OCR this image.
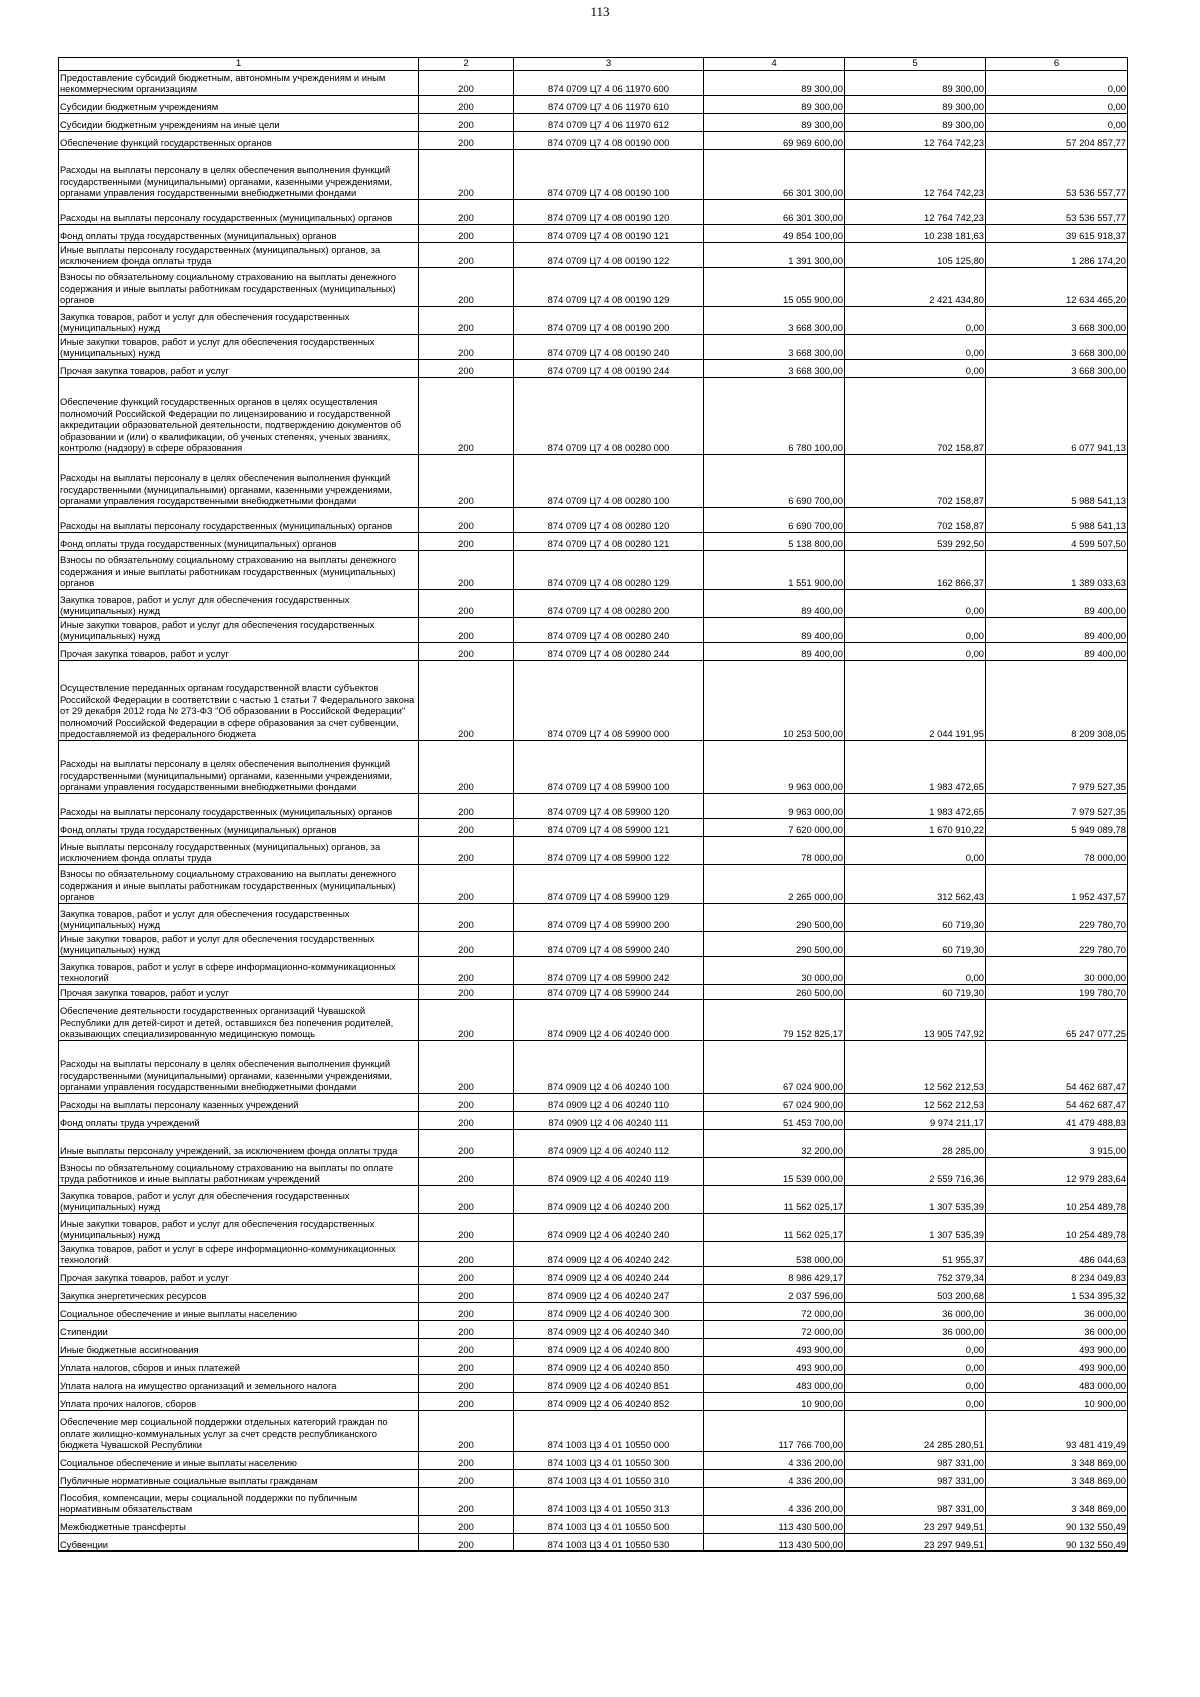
113
1	2	3	4	5	6
Предоставление субсидий бюджетным, автономным учреждениям и иным некоммерческим организациям	200	874 0709 Ц7 4 06 11970 600	89 300,00	89 300,00	0,00
Субсидии бюджетным учреждениям	200	874 0709 Ц7 4 06 11970 610	89 300,00	89 300,00	0,00
Субсидии бюджетным учреждениям на иные цели	200	874 0709 Ц7 4 06 11970 612	89 300,00	89 300,00	0,00
Обеспечение функций государственных органов	200	874 0709 Ц7 4 08 00190 000	69 969 600,00	12 764 742,23	57 204 857,77
Расходы на выплаты персоналу в целях обеспечения выполнения функций государственными (муниципальными) органами, казенными учреждениями, органами управления государственными внебюджетными фондами	200	874 0709 Ц7 4 08 00190 100	66 301 300,00	12 764 742,23	53 536 557,77
Расходы на выплаты персоналу государственных (муниципальных) органов	200	874 0709 Ц7 4 08 00190 120	66 301 300,00	12 764 742,23	53 536 557,77
Фонд оплаты труда государственных (муниципальных) органов	200	874 0709 Ц7 4 08 00190 121	49 854 100,00	10 238 181,63	39 615 918,37
Иные выплаты персоналу государственных (муниципальных) органов, за исключением фонда оплаты труда	200	874 0709 Ц7 4 08 00190 122	1 391 300,00	105 125,80	1 286 174,20
Взносы по обязательному социальному страхованию на выплаты денежного содержания и иные выплаты работникам государственных (муниципальных) органов	200	874 0709 Ц7 4 08 00190 129	15 055 900,00	2 421 434,80	12 634 465,20
Закупка товаров, работ и услуг для обеспечения государственных (муниципальных) нужд	200	874 0709 Ц7 4 08 00190 200	3 668 300,00	0,00	3 668 300,00
Иные закупки товаров, работ и услуг для обеспечения государственных (муниципальных) нужд	200	874 0709 Ц7 4 08 00190 240	3 668 300,00	0,00	3 668 300,00
Прочая закупка товаров, работ и услуг	200	874 0709 Ц7 4 08 00190 244	3 668 300,00	0,00	3 668 300,00
Обеспечение функций государственных органов в целях осуществления полномочий Российской Федерации по лицензированию и государственной аккредитации образовательной деятельности, подтверждению документов об образовании и (или) о квалификации, об ученых степенях, ученых званиях, контролю (надзору) в сфере образования	200	874 0709 Ц7 4 08 00280 000	6 780 100,00	702 158,87	6 077 941,13
Расходы на выплаты персоналу в целях обеспечения выполнения функций государственными (муниципальными) органами, казенными учреждениями, органами управления государственными внебюджетными фондами	200	874 0709 Ц7 4 08 00280 100	6 690 700,00	702 158,87	5 988 541,13
Расходы на выплаты персоналу государственных (муниципальных) органов	200	874 0709 Ц7 4 08 00280 120	6 690 700,00	702 158,87	5 988 541,13
Фонд оплаты труда государственных (муниципальных) органов	200	874 0709 Ц7 4 08 00280 121	5 138 800,00	539 292,50	4 599 507,50
Взносы по обязательному социальному страхованию на выплаты денежного содержания и иные выплаты работникам государственных (муниципальных) органов	200	874 0709 Ц7 4 08 00280 129	1 551 900,00	162 866,37	1 389 033,63
Закупка товаров, работ и услуг для обеспечения государственных (муниципальных) нужд	200	874 0709 Ц7 4 08 00280 200	89 400,00	0,00	89 400,00
Иные закупки товаров, работ и услуг для обеспечения государственных (муниципальных) нужд	200	874 0709 Ц7 4 08 00280 240	89 400,00	0,00	89 400,00
Прочая закупка товаров, работ и услуг	200	874 0709 Ц7 4 08 00280 244	89 400,00	0,00	89 400,00
Осуществление переданных органам государственной власти субъектов Российской Федерации в соответствии с частью 1 статьи 7 Федерального закона от 29 декабря 2012 года № 273-ФЗ "Об образовании в Российской Федерации" полномочий Российской Федерации в сфере образования за счет субвенции, предоставляемой из федерального бюджета	200	874 0709 Ц7 4 08 59900 000	10 253 500,00	2 044 191,95	8 209 308,05
Расходы на выплаты персоналу в целях обеспечения выполнения функций государственными (муниципальными) органами, казенными учреждениями, органами управления государственными внебюджетными фондами	200	874 0709 Ц7 4 08 59900 100	9 963 000,00	1 983 472,65	7 979 527,35
Расходы на выплаты персоналу государственных (муниципальных) органов	200	874 0709 Ц7 4 08 59900 120	9 963 000,00	1 983 472,65	7 979 527,35
Фонд оплаты труда государственных (муниципальных) органов	200	874 0709 Ц7 4 08 59900 121	7 620 000,00	1 670 910,22	5 949 089,78
Иные выплаты персоналу государственных (муниципальных) органов, за исключением фонда оплаты труда	200	874 0709 Ц7 4 08 59900 122	78 000,00	0,00	78 000,00
Взносы по обязательному социальному страхованию на выплаты денежного содержания и иные выплаты работникам государственных (муниципальных) органов	200	874 0709 Ц7 4 08 59900 129	2 265 000,00	312 562,43	1 952 437,57
Закупка товаров, работ и услуг для обеспечения государственных (муниципальных) нужд	200	874 0709 Ц7 4 08 59900 200	290 500,00	60 719,30	229 780,70
Иные закупки товаров, работ и услуг для обеспечения государственных (муниципальных) нужд	200	874 0709 Ц7 4 08 59900 240	290 500,00	60 719,30	229 780,70
Закупка товаров, работ и услуг в сфере информационно-коммуникационных технологий	200	874 0709 Ц7 4 08 59900 242	30 000,00	0,00	30 000,00
Прочая закупка товаров, работ и услуг	200	874 0709 Ц7 4 08 59900 244	260 500,00	60 719,30	199 780,70
Обеспечение деятельности государственных организаций Чувашской Республики для детей-сирот и детей, оставшихся без попечения родителей, оказывающих специализированную медицинскую помощь	200	874 0909 Ц2 4 06 40240 000	79 152 825,17	13 905 747,92	65 247 077,25
Расходы на выплаты персоналу в целях обеспечения выполнения функций государственными (муниципальными) органами, казенными учреждениями, органами управления государственными внебюджетными фондами	200	874 0909 Ц2 4 06 40240 100	67 024 900,00	12 562 212,53	54 462 687,47
Расходы на выплаты персоналу казенных учреждений	200	874 0909 Ц2 4 06 40240 110	67 024 900,00	12 562 212,53	54 462 687,47
Фонд оплаты труда учреждений	200	874 0909 Ц2 4 06 40240 111	51 453 700,00	9 974 211,17	41 479 488,83
Иные выплаты персоналу учреждений, за исключением фонда оплаты труда	200	874 0909 Ц2 4 06 40240 112	32 200,00	28 285,00	3 915,00
Взносы по обязательному социальному страхованию на выплаты по оплате труда работников и иные выплаты работникам учреждений	200	874 0909 Ц2 4 06 40240 119	15 539 000,00	2 559 716,36	12 979 283,64
Закупка товаров, работ и услуг для обеспечения государственных (муниципальных) нужд	200	874 0909 Ц2 4 06 40240 200	11 562 025,17	1 307 535,39	10 254 489,78
Иные закупки товаров, работ и услуг для обеспечения государственных (муниципальных) нужд	200	874 0909 Ц2 4 06 40240 240	11 562 025,17	1 307 535,39	10 254 489,78
Закупка товаров, работ и услуг в сфере информационно-коммуникационных технологий	200	874 0909 Ц2 4 06 40240 242	538 000,00	51 955,37	486 044,63
Прочая закупка товаров, работ и услуг	200	874 0909 Ц2 4 06 40240 244	8 986 429,17	752 379,34	8 234 049,83
Закупка энергетических ресурсов	200	874 0909 Ц2 4 06 40240 247	2 037 596,00	503 200,68	1 534 395,32
Социальное обеспечение и иные выплаты населению	200	874 0909 Ц2 4 06 40240 300	72 000,00	36 000,00	36 000,00
Стипендии	200	874 0909 Ц2 4 06 40240 340	72 000,00	36 000,00	36 000,00
Иные бюджетные ассигнования	200	874 0909 Ц2 4 06 40240 800	493 900,00	0,00	493 900,00
Уплата налогов, сборов и иных платежей	200	874 0909 Ц2 4 06 40240 850	493 900,00	0,00	493 900,00
Уплата налога на имущество организаций и земельного налога	200	874 0909 Ц2 4 06 40240 851	483 000,00	0,00	483 000,00
Уплата прочих налогов, сборов	200	874 0909 Ц2 4 06 40240 852	10 900,00	0,00	10 900,00
Обеспечение мер социальной поддержки отдельных категорий граждан по оплате жилищно-коммунальных услуг за счет средств республиканского бюджета Чувашской Республики	200	874 1003 Ц3 4 01 10550 000	117 766 700,00	24 285 280,51	93 481 419,49
Социальное обеспечение и иные выплаты населению	200	874 1003 Ц3 4 01 10550 300	4 336 200,00	987 331,00	3 348 869,00
Публичные нормативные социальные выплаты гражданам	200	874 1003 Ц3 4 01 10550 310	4 336 200,00	987 331,00	3 348 869,00
Пособия, компенсации, меры социальной поддержки по публичным нормативным обязательствам	200	874 1003 Ц3 4 01 10550 313	4 336 200,00	987 331,00	3 348 869,00
Межбюджетные трансферты	200	874 1003 Ц3 4 01 10550 500	113 430 500,00	23 297 949,51	90 132 550,49
Субвенции	200	874 1003 Ц3 4 01 10550 530	113 430 500,00	23 297 949,51	90 132 550,49
